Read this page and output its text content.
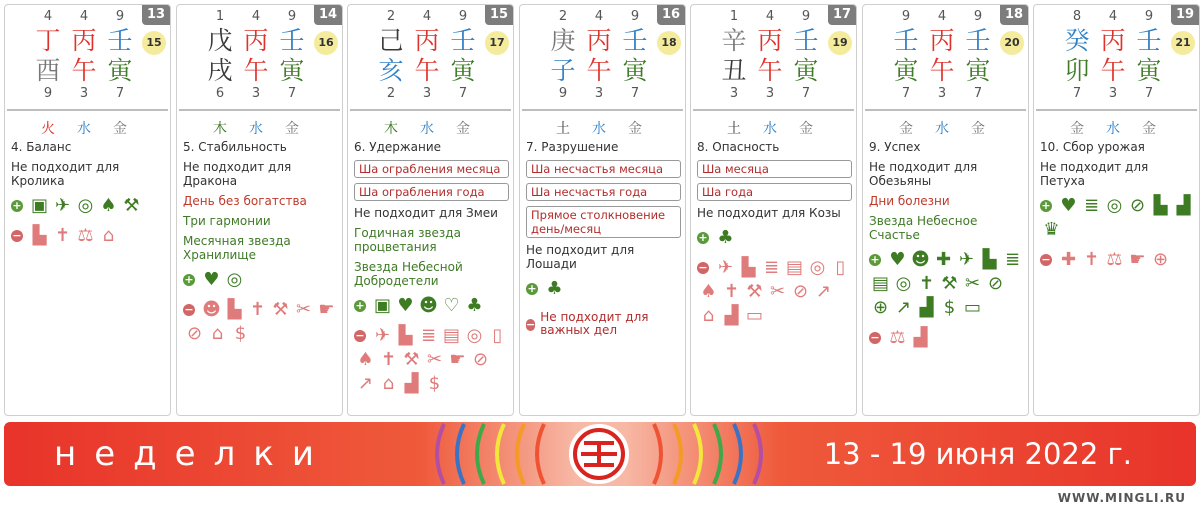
13
15
4	4	9
9	3	7
丁 丙 壬
酉 午 寅
火	水	金
4. Баланс
Не подходит для Кролика
+ ▣ ✈ ◎ ♠ ⚒
− ▙ ✝ ⚖ ⌂
14
16
1	4	9
6	3	7
戊 丙 壬
戌 午 寅
木	水	金
5. Стабильность
Не подходит для Дракона
День без богатства
Три гармонии
Месячная звезда Хранилище
+ ♥ ◎
− ☻ ▙ ✝ ⚒ ✂ ☛
⊘ ⌂ $
15
17
2	4	9
2	3	7
己 丙 壬
亥 午 寅
木	水	金
6. Удержание
Ша ограбления месяца
Ша ограбления года
Не подходит для Змеи
Годичная звезда процветания
Звезда Небесной Добродетели
+ ▣ ♥ ☻ ♡ ♣
− ✈ ▙ ≣ ▤ ◎ ▯
♠ ✝ ⚒ ✂ ☛ ⊘
↗ ⌂ ▟ $
16
18
2	4	9
9	3	7
庚 丙 壬
子 午 寅
土	水	金
7. Разрушение
Ша несчастья месяца
Ша несчастья года
Прямое столкновение день/месяц
Не подходит для Лошади
+ ♣
−
Не подходит для важных дел
17
19
1	4	9
3	3	7
辛 丙 壬
丑 午 寅
土	水	金
8. Опасность
Ша месяца
Ша года
Не подходит для Козы
+ ♣
− ✈ ▙ ≣ ▤ ◎ ▯
♠ ✝ ⚒ ✂ ⊘ ↗
⌂ ▟ ▭
18
20
9	4	9
7	3	7
壬 丙 壬
寅 午 寅
金	水	金
9. Успех
Не подходит для Обезьяны
Дни болезни
Звезда Небесное Счастье
+ ♥ ☻ ✚ ✈ ▙ ≣
▤ ◎ ✝ ⚒ ✂ ⊘
⊕ ↗ ▟ $ ▭
− ⚖ ▟
19
21
8	4	9
7	3	7
癸 丙 壬
卯 午 寅
金	水	金
10. Сбор урожая
Не подходит для Петуха
+ ♥ ≣ ◎ ⊘ ▙ ▟
♛
− ✚ ✝ ⚖ ☛ ⊕
неделки	13 - 19 июня 2022 г.
WWW.MINGLI.RU
